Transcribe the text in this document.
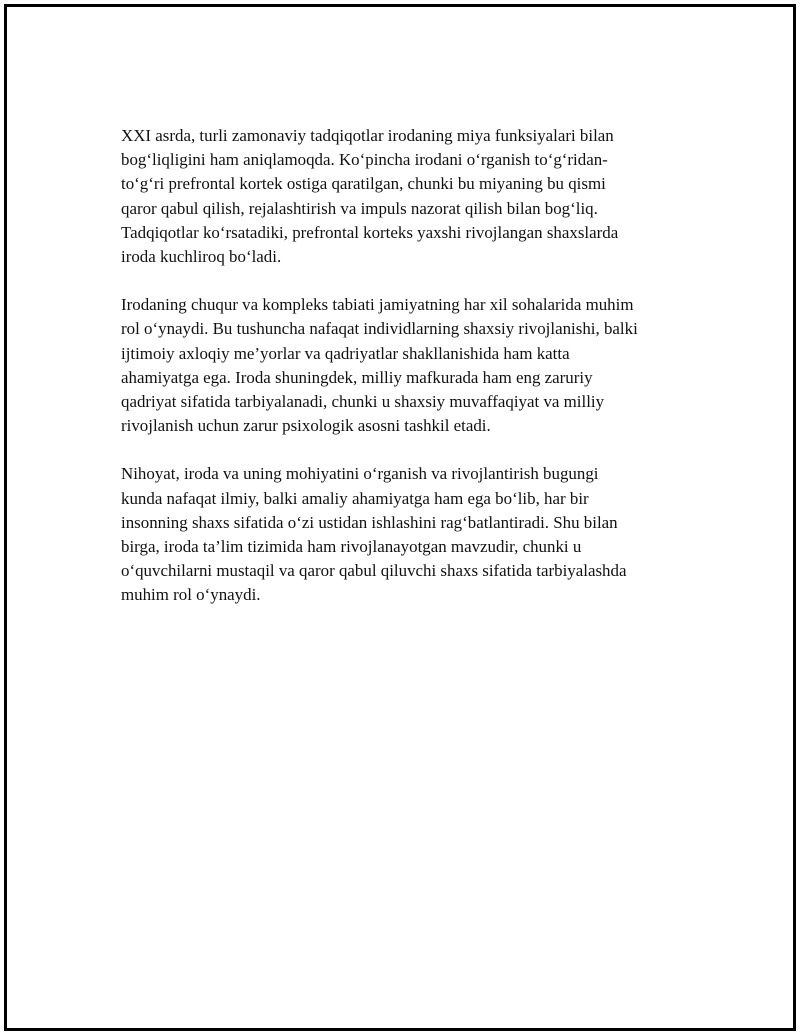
XXI asrda, turli zamonaviy tadqiqotlar irodaning miya funksiyalari bilan
bog‘liqligini ham aniqlamoqda. Ko‘pincha irodani o‘rganish to‘g‘ridan-
to‘g‘ri prefrontal kortek ostiga qaratilgan, chunki bu miyaning bu qismi
qaror qabul qilish, rejalashtirish va impuls nazorat qilish bilan bog‘liq.
Tadqiqotlar ko‘rsatadiki, prefrontal korteks yaxshi rivojlangan shaxslarda
iroda kuchliroq bo‘ladi.

Irodaning chuqur va kompleks tabiati jamiyatning har xil sohalarida muhim
rol o‘ynaydi. Bu tushuncha nafaqat individlarning shaxsiy rivojlanishi, balki
ijtimoiy axloqiy me’yorlar va qadriyatlar shakllanishida ham katta
ahamiyatga ega. Iroda shuningdek, milliy mafkurada ham eng zaruriy
qadriyat sifatida tarbiyalanadi, chunki u shaxsiy muvaffaqiyat va milliy
rivojlanish uchun zarur psixologik asosni tashkil etadi.

Nihoyat, iroda va uning mohiyatini o‘rganish va rivojlantirish bugungi
kunda nafaqat ilmiy, balki amaliy ahamiyatga ham ega bo‘lib, har bir
insonning shaxs sifatida o‘zi ustidan ishlashini rag‘batlantiradi. Shu bilan
birga, iroda ta’lim tizimida ham rivojlanayotgan mavzudir, chunki u
o‘quvchilarni mustaqil va qaror qabul qiluvchi shaxs sifatida tarbiyalashda
muhim rol o‘ynaydi.
